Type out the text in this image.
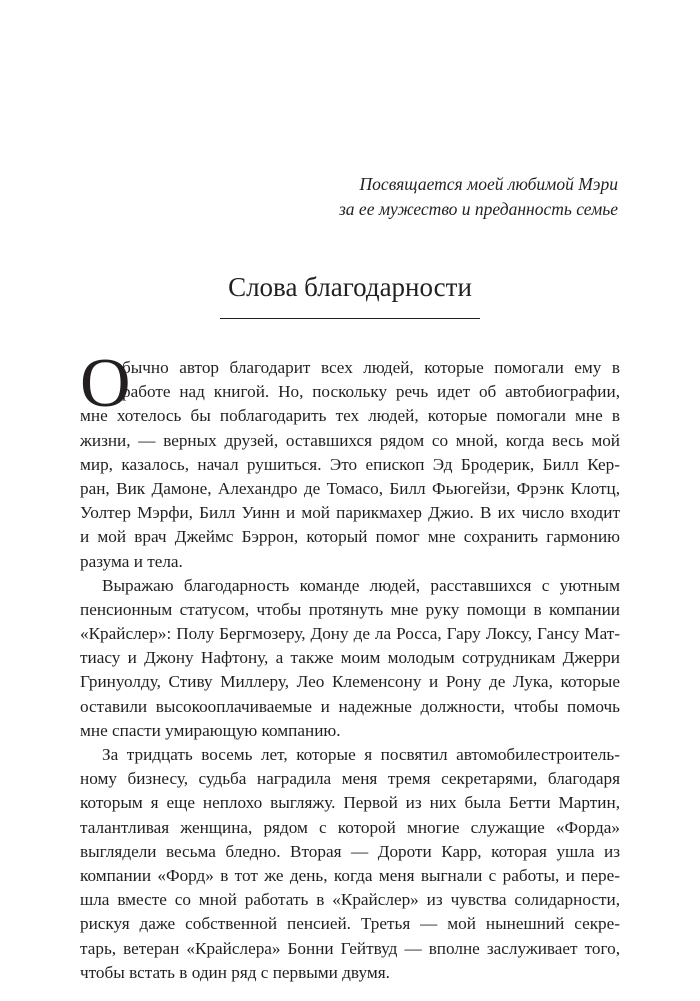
Посвящается моей любимой Мэри
за ее мужество и преданность семье
Слова благодарности
О
бычно автор благодарит всех людей, которые помогали ему в
работе над книгой. Но, поскольку речь идет об автобиографии,
мне хотелось бы поблагодарить тех людей, которые помогали мне в
жизни, — верных друзей, оставшихся рядом со мной, когда весь мой
мир, казалось, начал рушиться. Это епископ Эд Бродерик, Билл Кер-
ран, Вик Дамоне, Алехандро де Томасо, Билл Фьюгейзи, Фрэнк Клотц,
Уолтер Мэрфи, Билл Уинн и мой парикмахер Джио. В их число входит
и мой врач Джеймс Бэррон, который помог мне сохранить гармонию
разума и тела.
Выражаю благодарность команде людей, расставшихся с уютным
пенсионным статусом, чтобы протянуть мне руку помощи в компании
«Крайслер»: Полу Бергмозеру, Дону де ла Росса, Гару Локсу, Гансу Мат-
тиасу и Джону Нафтону, а также моим молодым сотрудникам Джерри
Гринуолду, Стиву Миллеру, Лео Клеменсону и Рону де Лука, которые
оставили высокооплачиваемые и надежные должности, чтобы помочь
мне спасти умирающую компанию.
За тридцать восемь лет, которые я посвятил автомобилестроитель-
ному бизнесу, судьба наградила меня тремя секретарями, благодаря
которым я еще неплохо выгляжу. Первой из них была Бетти Мартин,
талантливая женщина, рядом с которой многие служащие «Форда»
выглядели весьма бледно. Вторая — Дороти Карр, которая ушла из
компании «Форд» в тот же день, когда меня выгнали с работы, и пере-
шла вместе со мной работать в «Крайслер» из чувства солидарности,
рискуя даже собственной пенсией. Третья — мой нынешний секре-
тарь, ветеран «Крайслера» Бонни Гейтвуд — вполне заслуживает того,
чтобы встать в один ряд с первыми двумя.
